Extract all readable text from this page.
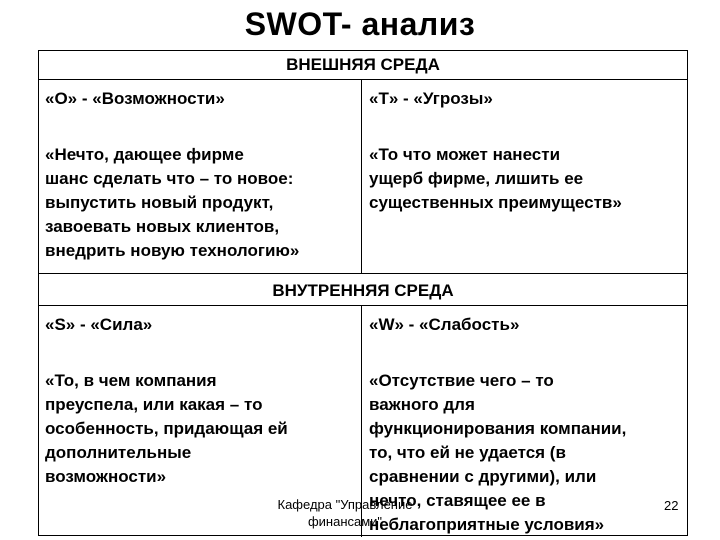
SWOT- анализ
ВНЕШНЯЯ СРЕДА
«О» - «Возможности»
«Нечто, дающее фирме
шанс сделать что – то новое:
выпустить новый продукт,
завоевать новых клиентов,
внедрить новую технологию»
«Т» - «Угрозы»
«То что может нанести
ущерб фирме, лишить ее
существенных преимуществ»
ВНУТРЕННЯЯ СРЕДА
«S» - «Сила»
«То, в чем компания
преуспела, или какая – то
особенность, придающая ей
дополнительные
возможности»
«W» - «Слабость»
«Отсутствие чего – то
важного для
функционирования компании,
то, что ей не удается (в
сравнении с другими), или
нечто, ставящее ее в
неблагоприятные условия»
Кафедра "Управление
финансами"
22
